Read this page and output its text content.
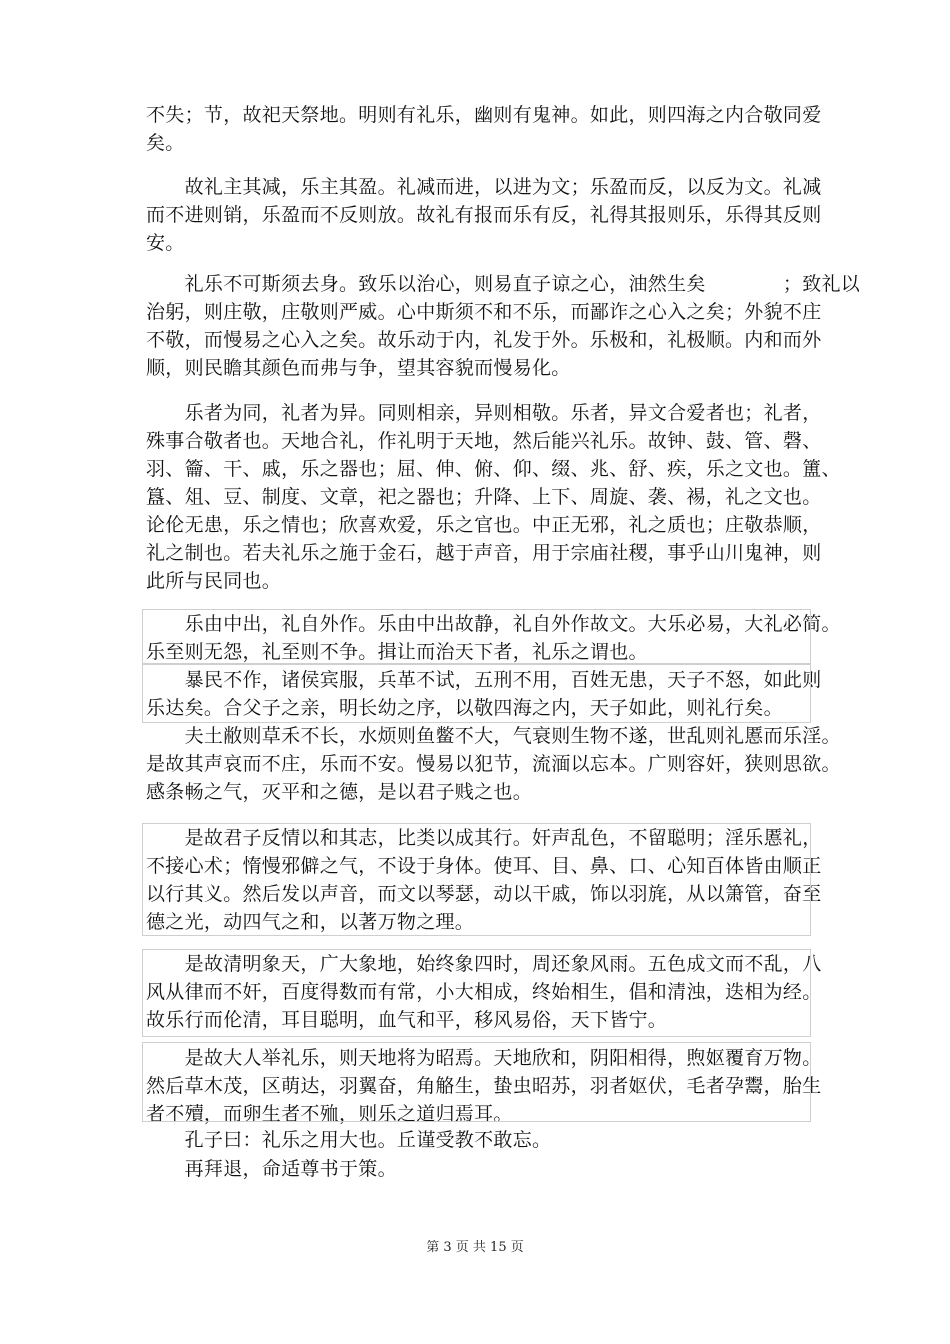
不失；节，故祀天祭地。明则有礼乐，幽则有鬼神。如此，则四海之内合敬同爱
矣。
　　故礼主其减，乐主其盈。礼减而进，以进为文；乐盈而反，以反为文。礼减
而不进则销，乐盈而不反则放。故礼有报而乐有反，礼得其报则乐，乐得其反则
安。
　　礼乐不可斯须去身。致乐以治心，则易直子谅之心，油然生矣　　　　；致礼以
治躬，则庄敬，庄敬则严威。心中斯须不和不乐，而鄙诈之心入之矣；外貌不庄
不敬，而慢易之心入之矣。故乐动于内，礼发于外。乐极和，礼极顺。内和而外
顺，则民瞻其颜色而弗与争，望其容貌而慢易化。
　　乐者为同，礼者为异。同则相亲，异则相敬。乐者，异文合爱者也；礼者，
殊事合敬者也。天地合礼，作礼明于天地，然后能兴礼乐。故钟、鼓、管、磬、
羽、籥、干、戚，乐之器也；屈、伸、俯、仰、缀、兆、舒、疾，乐之文也。簠、
簋、俎、豆、制度、文章，祀之器也；升降、上下、周旋、袭、裼，礼之文也。
论伦无患，乐之情也；欣喜欢爱，乐之官也。中正无邪，礼之质也；庄敬恭顺，
礼之制也。若夫礼乐之施于金石，越于声音，用于宗庙社稷，事乎山川鬼神，则
此所与民同也。
　　乐由中出，礼自外作。乐由中出故静，礼自外作故文。大乐必易，大礼必简。
乐至则无怨，礼至则不争。揖让而治天下者，礼乐之谓也。
　　暴民不作，诸侯宾服，兵革不试，五刑不用，百姓无患，天子不怒，如此则
乐达矣。合父子之亲，明长幼之序，以敬四海之内，天子如此，则礼行矣。
　　夫土敝则草禾不长，水烦则鱼鳖不大，气衰则生物不遂，世乱则礼慝而乐淫。
是故其声哀而不庄，乐而不安。慢易以犯节，流湎以忘本。广则容奸，狭则思欲。
感条畅之气，灭平和之德，是以君子贱之也。
　　是故君子反情以和其志，比类以成其行。奸声乱色，不留聪明；淫乐慝礼，
不接心术；惰慢邪僻之气，不设于身体。使耳、目、鼻、口、心知百体皆由顺正
以行其义。然后发以声音，而文以琴瑟，动以干戚，饰以羽旄，从以箫管，奋至
德之光，动四气之和，以著万物之理。
　　是故清明象天，广大象地，始终象四时，周还象风雨。五色成文而不乱，八
风从律而不奸，百度得数而有常，小大相成，终始相生，倡和清浊，迭相为经。
故乐行而伦清，耳目聪明，血气和平，移风易俗，天下皆宁。
　　是故大人举礼乐，则天地将为昭焉。天地欣和，阴阳相得，煦妪覆育万物。
然后草木茂，区萌达，羽翼奋，角觡生，蛰虫昭苏，羽者妪伏，毛者孕鬻，胎生
者不殰，而卵生者不殈，则乐之道归焉耳。
　　孔子曰：礼乐之用大也。丘谨受教不敢忘。
　　再拜退，命适尊书于策。
第 3 页 共 15 页
